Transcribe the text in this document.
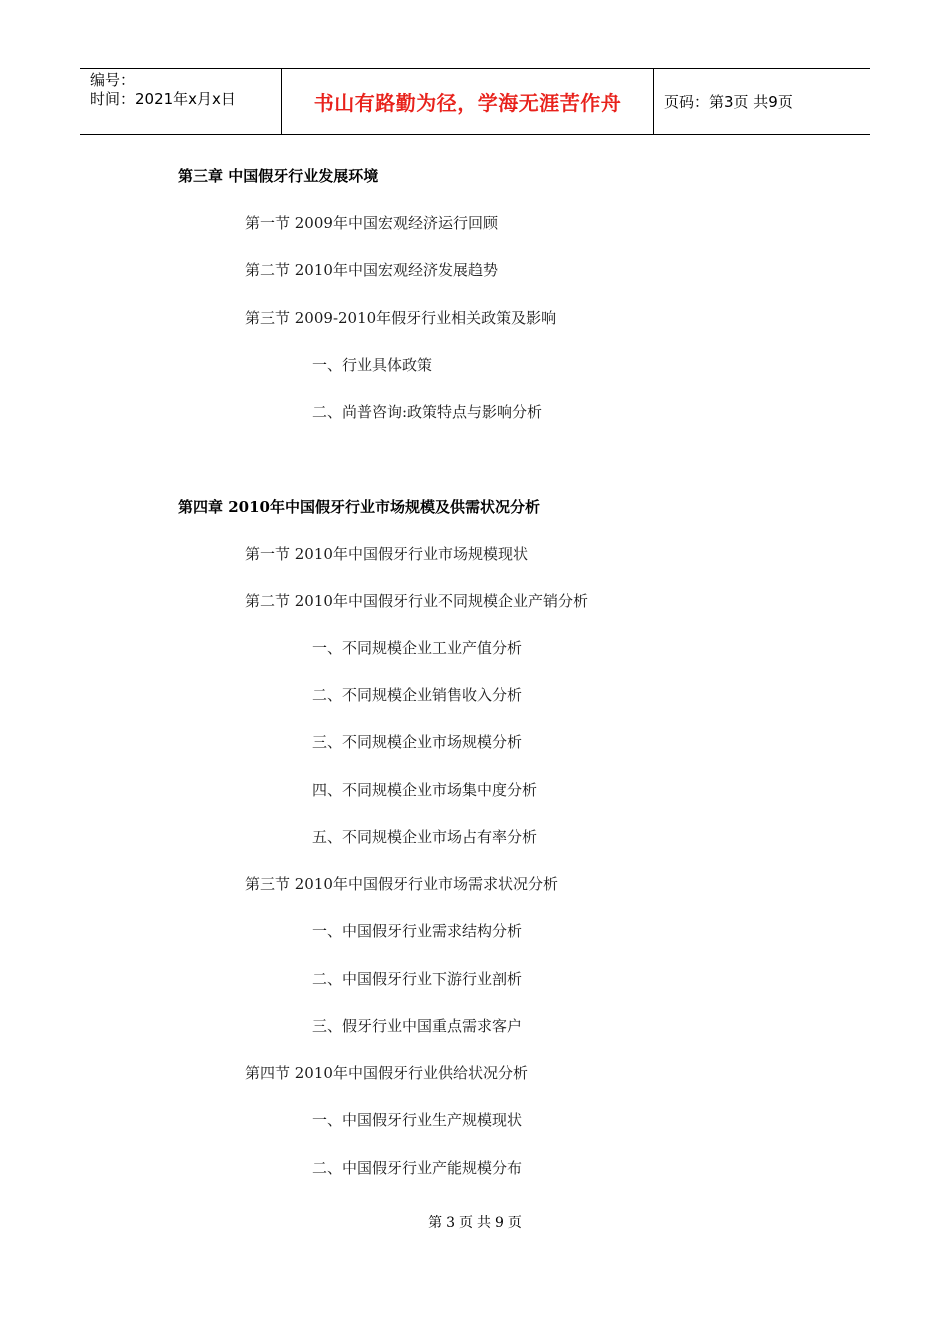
编号：
时间：2021年x月x日	书山有路勤为径，学海无涯苦作舟	页码：第3页 共9页
第三章 中国假牙行业发展环境
第一节 2009年中国宏观经济运行回顾
第二节 2010年中国宏观经济发展趋势
第三节 2009-2010年假牙行业相关政策及影响
一、行业具体政策
二、尚普咨询:政策特点与影响分析
第四章 2010年中国假牙行业市场规模及供需状况分析
第一节 2010年中国假牙行业市场规模现状
第二节 2010年中国假牙行业不同规模企业产销分析
一、不同规模企业工业产值分析
二、不同规模企业销售收入分析
三、不同规模企业市场规模分析
四、不同规模企业市场集中度分析
五、不同规模企业市场占有率分析
第三节 2010年中国假牙行业市场需求状况分析
一、中国假牙行业需求结构分析
二、中国假牙行业下游行业剖析
三、假牙行业中国重点需求客户
第四节 2010年中国假牙行业供给状况分析
一、中国假牙行业生产规模现状
二、中国假牙行业产能规模分布
第 3 页 共 9 页
